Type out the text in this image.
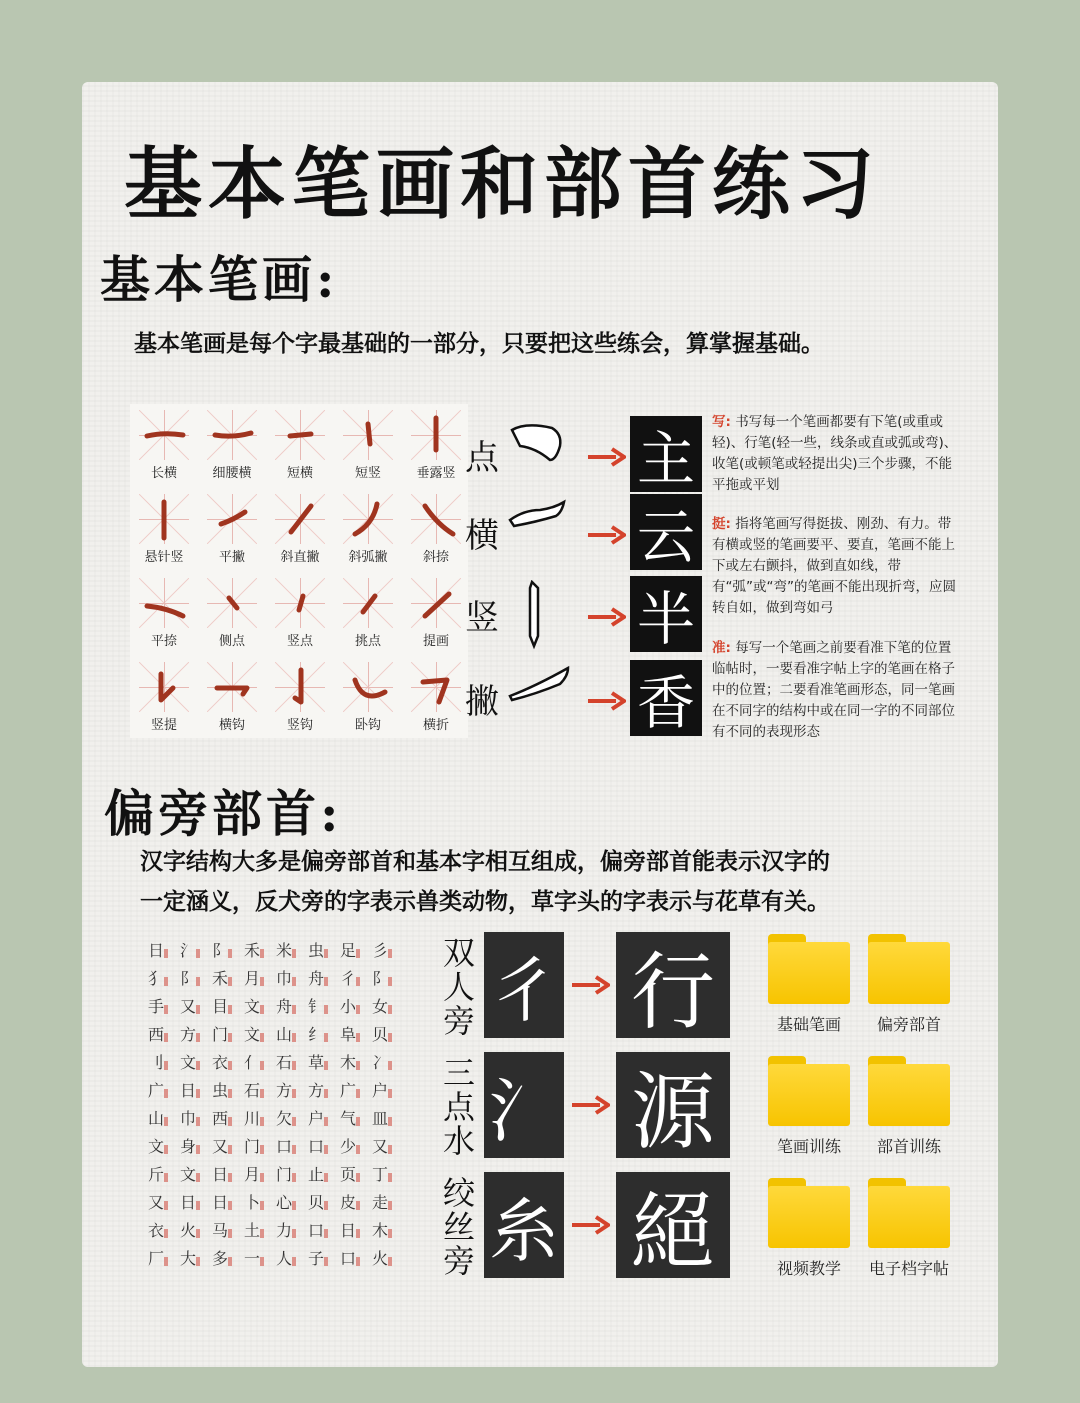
基本笔画和部首练习
基本笔画:
基本笔画是每个字最基础的一部分，只要把这些练会，算掌握基础。
长横	细腰横	短横	短竖	垂露竖
悬针竖	平撇	斜直撇 斜弧撇	斜捺
平捺	侧点	竖点	挑点	提画
竖提	横钩	竖钩	卧钩	横折
点 主
横 云
竖 半
撇 香
写: 书写每一个笔画都要有下笔(或重或轻)、行笔(轻一些，线条或直或弧或弯)、收笔(或顿笔或轻提出尖)三个步骤，不能平拖或平划
挺: 指将笔画写得挺拔、刚劲、有力。带有横或竖的笔画要平、要直，笔画不能上下或左右颤抖，做到直如线，带有“弧”或“弯”的笔画不能出现折弯，应圆转自如，做到弯如弓
准: 每写一个笔画之前要看准下笔的位置临帖时，一要看准字帖上字的笔画在格子中的位置；二要看准笔画形态，同一笔画在不同字的结构中或在同一字的不同部位有不同的表现形态
偏旁部首:
汉字结构大多是偏旁部首和基本字相互组成，偏旁部首能表示汉字的
一定涵义，反犬旁的字表示兽类动物，草字头的字表示与花草有关。
日 氵 阝 禾 米 虫 足 彡
犭 阝 禾 月 巾 舟 彳 阝
手 又 目 文 舟 钅 小 女
西 方 门 文 山 纟 阜 贝
刂 文 衣 亻 石 草 木 冫
广 日 虫 石 方 方 广 户
山 巾 西 川 欠 户 气 皿
文 身 又 门 口 口 少 又
斤 文 日 月 门 止 页 丁
又 日 日 卜 心 贝 皮 走
衣 火 马 土 力 口 日 木
厂 大 多 一 人 子 口 火
双人旁 彳 行
三点水 氵 源
绞丝旁 糸 絕
基础笔画	偏旁部首
笔画训练	部首训练
视频教学	电子档字帖
